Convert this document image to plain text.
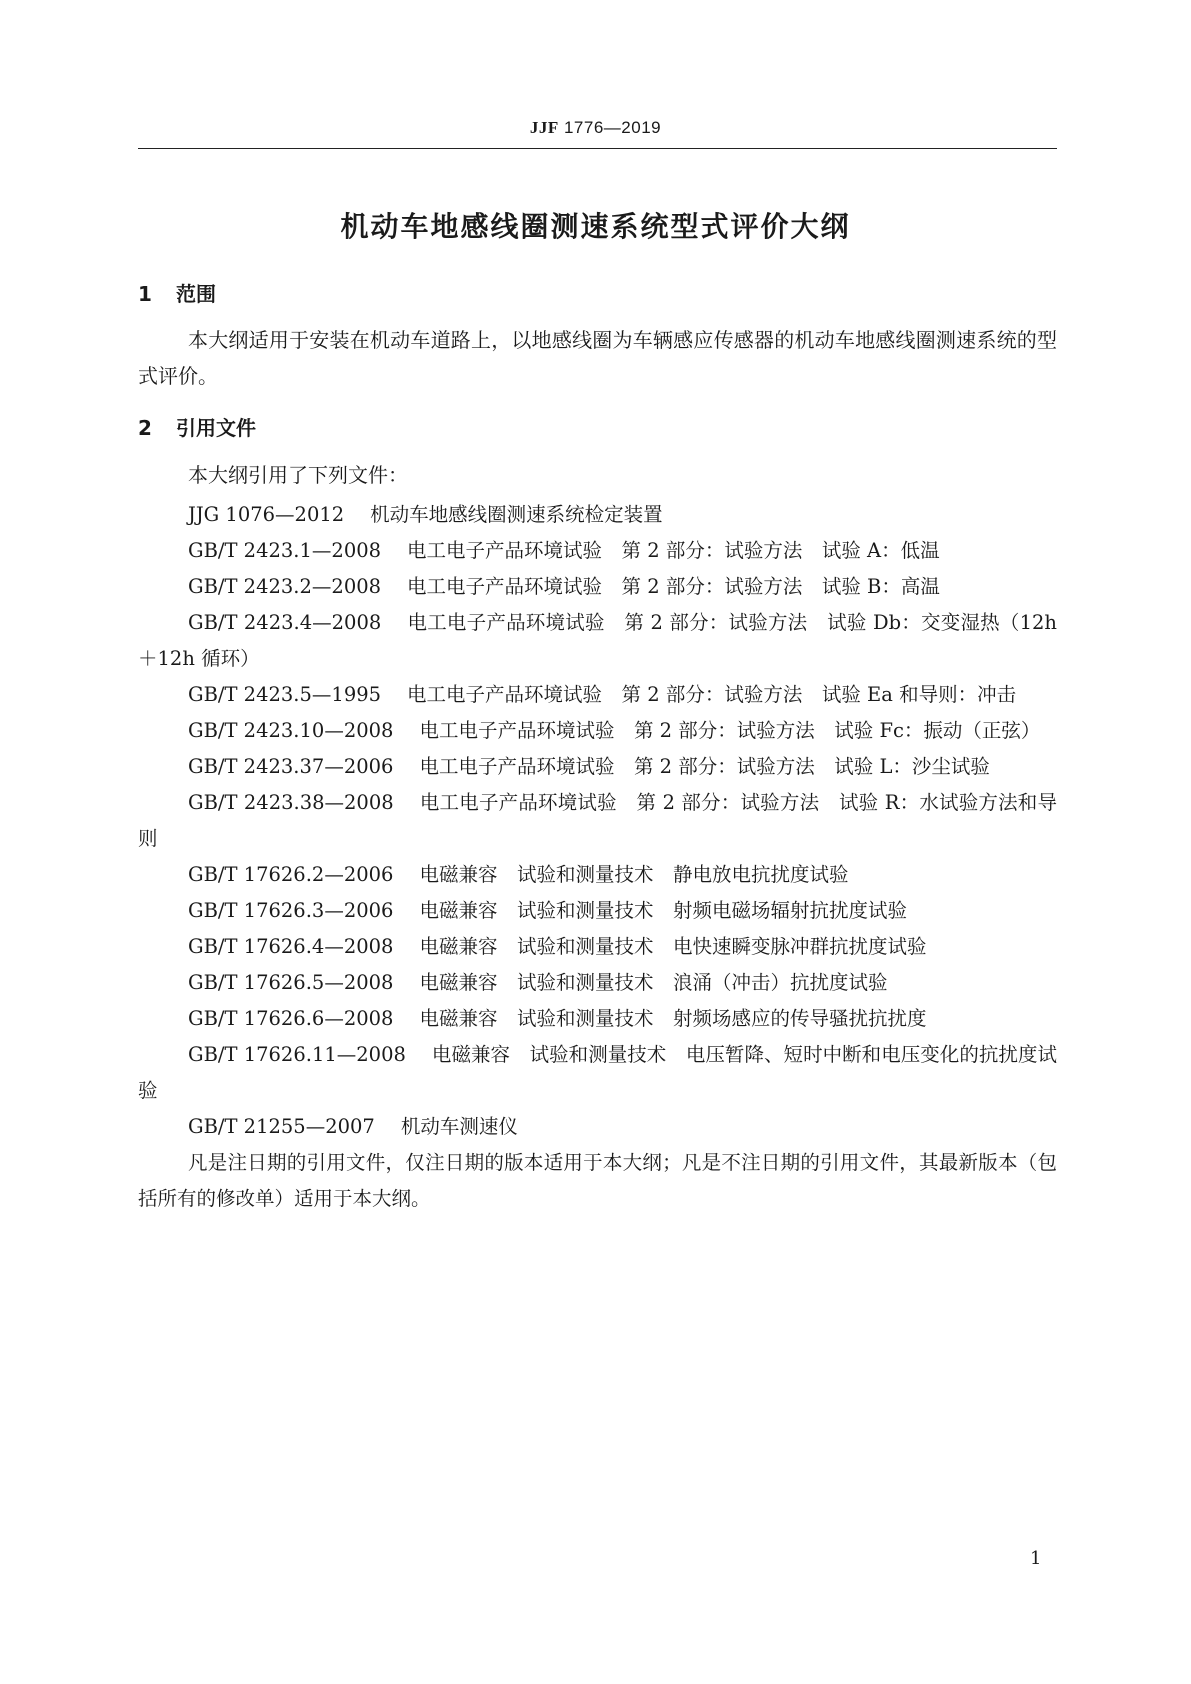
JJF 1776—2019
机动车地感线圈测速系统型式评价大纲
1 范围

本大纲适用于安装在机动车道路上，以地感线圈为车辆感应传感器的机动车地感线圈测速系统的型式评价。

2 引用文件

本大纲引用了下列文件：

JJG 1076—2012 机动车地感线圈测速系统检定装置
GB/T 2423.1—2008 电工电子产品环境试验　第 2 部分：试验方法　试验 A：低温
GB/T 2423.2—2008 电工电子产品环境试验　第 2 部分：试验方法　试验 B：高温
GB/T 2423.4—2008 电工电子产品环境试验　第 2 部分：试验方法　试验 Db：交变湿热（12h＋12h 循环）
GB/T 2423.5—1995 电工电子产品环境试验　第 2 部分：试验方法　试验 Ea 和导则：冲击
GB/T 2423.10—2008 电工电子产品环境试验　第 2 部分：试验方法　试验 Fc：振动（正弦）
GB/T 2423.37—2006 电工电子产品环境试验　第 2 部分：试验方法　试验 L：沙尘试验
GB/T 2423.38—2008 电工电子产品环境试验　第 2 部分：试验方法　试验 R：水试验方法和导则
GB/T 17626.2—2006 电磁兼容　试验和测量技术　静电放电抗扰度试验
GB/T 17626.3—2006 电磁兼容　试验和测量技术　射频电磁场辐射抗扰度试验
GB/T 17626.4—2008 电磁兼容　试验和测量技术　电快速瞬变脉冲群抗扰度试验
GB/T 17626.5—2008 电磁兼容　试验和测量技术　浪涌（冲击）抗扰度试验
GB/T 17626.6—2008 电磁兼容　试验和测量技术　射频场感应的传导骚扰抗扰度
GB/T 17626.11—2008 电磁兼容　试验和测量技术　电压暂降、短时中断和电压变化的抗扰度试验
GB/T 21255—2007 机动车测速仪
凡是注日期的引用文件，仅注日期的版本适用于本大纲；凡是不注日期的引用文件，其最新版本（包括所有的修改单）适用于本大纲。
1
